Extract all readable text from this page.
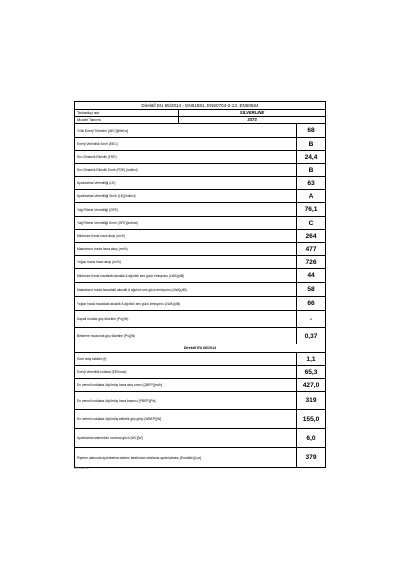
Direktif EU 65/2014 - EN61591, EN60704-2-13, EN50564
Tedarikçi adı	SILVERLINE
Model Tanımı	3373
Yıllık Enerji Tüketimi (AEC)[kWh/a]	68
Enerji Verimlilik Sınıfı (EEC)	B
Sıvı Dinamik Etkinlik (FDE)	24,4
Sıvı Dinamik Etkinlik Sınıfı (FDE) (indirici)	B
Aydınlatma Verimliliği (LE)	63
Aydınlatma Verimliliği Sınıfı (LE)(indirici)	A
Yağ Filtresi Verimliliği (GFE)	76,1
Yağ Filtresi Verimliliği Sınıfı (GFE)(indirici)	C
Minimum hızda hava akışı (m³/h)	264
Maksimum hızda hava akışı (m³/h)	477
Yoğun hızda hava akışı (m³/h)	726
Minimum hızda havadaki akustik A ağırlıklı ses gücü emisyonu (LWA)(dB)	44
Maksimum hızda havadaki akustik A ağırlıklı ses gücü emisyonu (LWA)(dB)	58
Yoğun hızda havadaki akustik A ağırlıklı ses gücü emisyonu (LWA)(dB)	66
Kapalı modda güç tüketimi (Po)(W)	-
Bekleme modunda güç tüketimi (Ps)(W)	0,37
Direktif EU 66/2014
Süre artış faktörü (f)	1,1
Enerji Verimlilik İndeksi (EEIhood)	65,3
En verimli noktada ölçülmüş hava akış oranı (QBEP)[m³/h]	427,0
En verimli noktada ölçülmüş hava basıncı (PBEP)[Pa]	319
En verimli noktada ölçülmüş elektrik güç girişi (WBEP)[W]	155,0
Aydınlatma sisteminin nominal gücü (WL)[W]	6,0
Pişirme alanında aydınlatma sistemi tarafından ortalama aydınlatması (Emiddle)[Lux]	379
3373 ürün fişi
